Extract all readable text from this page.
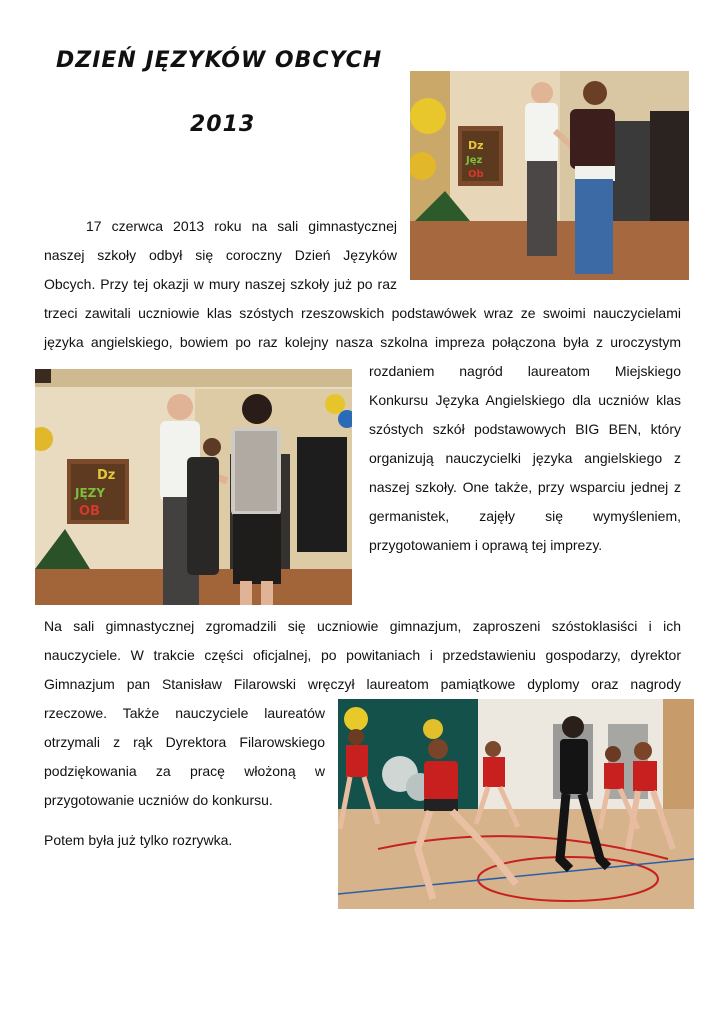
DZIEŃ JĘZYKÓW OBCYCH
2013
Dz
Jęz
Ob

17 czerwca 2013 roku na sali gimnastycznej

naszej szkoły odbył się coroczny Dzień Języków

Obcych. Przy tej okazji w mury naszej szkoły już po raz

trzeci zawitali uczniowie klas szóstych rzeszowskich podstawówek wraz ze swoimi nauczycielami

języka angielskiego, bowiem po raz kolejny nasza szkolna impreza połączona była z uroczystym

Dz
JĘZY
OB

rozdaniem nagród laureatom Miejskiego

Konkursu Języka Angielskiego dla uczniów klas

szóstych szkół podstawowych BIG BEN, który

organizują nauczycielki języka angielskiego z

naszej szkoły. One także, przy wsparciu jednej z

germanistek, zajęły się wymyśleniem,

przygotowaniem i oprawą tej imprezy.

Na sali gimnastycznej zgromadzili się uczniowie gimnazjum, zaproszeni szóstoklasiści i ich

nauczyciele. W trakcie części oficjalnej, po powitaniach i przedstawieniu gospodarzy, dyrektor

Gimnazjum pan Stanisław Filarowski wręczył laureatom pamiątkowe dyplomy oraz nagrody

rzeczowe. Także nauczyciele laureatów

otrzymali z rąk Dyrektora Filarowskiego

podziękowania za pracę włożoną w

przygotowanie uczniów do konkursu.

Potem była już tylko rozrywka.
